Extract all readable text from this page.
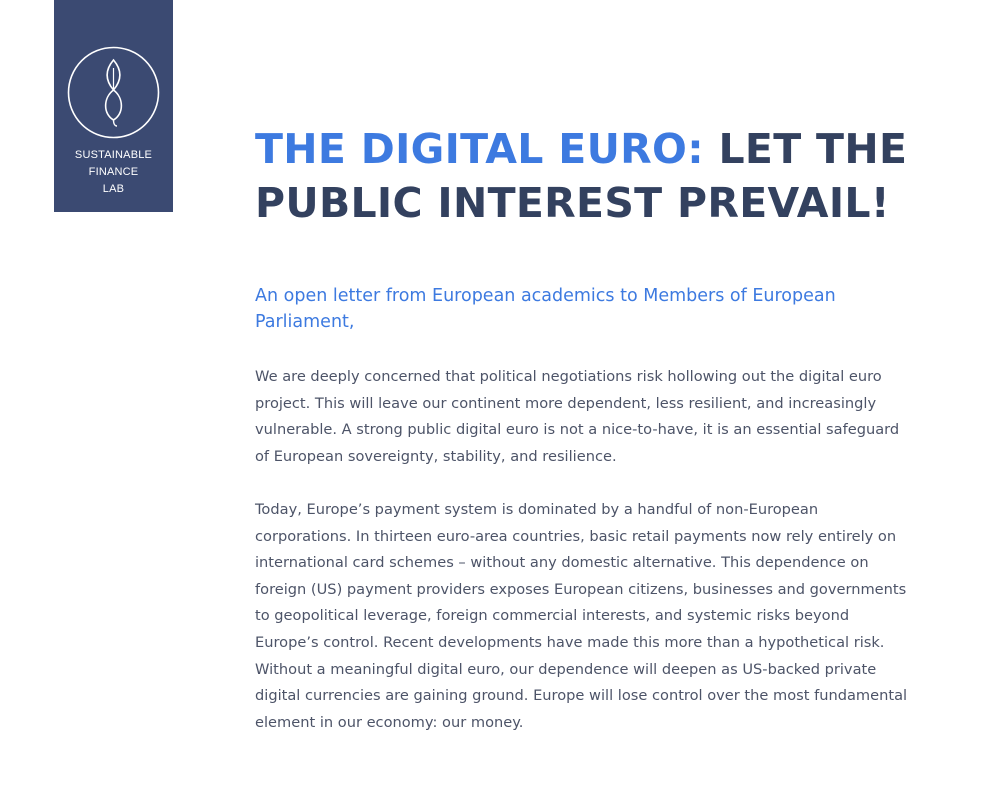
SUSTAINABLE
FINANCE
LAB
THE DIGITAL EURO: LET THE PUBLIC INTEREST PREVAIL!

An open letter from European academics to Members of European Parliament,

We are deeply concerned that political negotiations risk hollowing out the digital euro project. This will leave our continent more dependent, less resilient, and increasingly vulnerable. A strong public digital euro is not a nice-to-have, it is an essential safeguard of European sovereignty, stability, and resilience.

Today, Europe’s payment system is dominated by a handful of non-European corporations. In thirteen euro-area countries, basic retail payments now rely entirely on international card schemes – without any domestic alternative. This dependence on foreign (US) payment providers exposes European citizens, businesses and governments to geopolitical leverage, foreign commercial interests, and systemic risks beyond Europe’s control. Recent developments have made this more than a hypothetical risk. Without a meaningful digital euro, our dependence will deepen as US-backed private digital currencies are gaining ground. Europe will lose control over the most fundamental element in our economy: our money.
